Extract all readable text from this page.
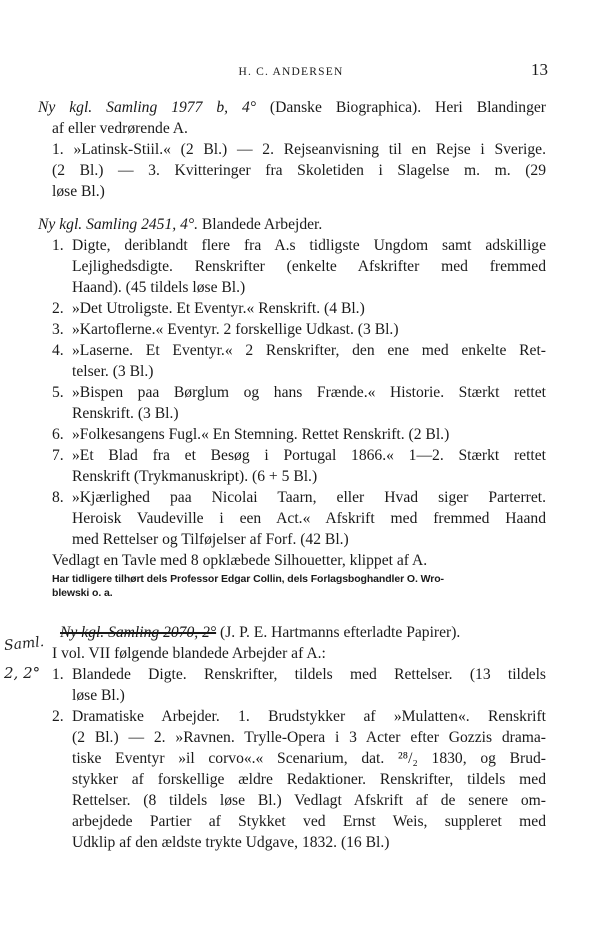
H. C. ANDERSEN	13
Ny kgl. Samling 1977 b, 4° (Danske Biographica). Heri Blandinger
af eller vedrørende A.
1. »Latinsk-Stiil.« (2 Bl.) — 2. Rejseanvisning til en Rejse i Sverige.
(2 Bl.) — 3. Kvitteringer fra Skoletiden i Slagelse m. m. (29
løse Bl.)
Ny kgl. Samling 2451, 4°. Blandede Arbejder.
1. Digte, deriblandt flere fra A.s tidligste Ungdom samt adskillige
Lejlighedsdigte. Renskrifter (enkelte Afskrifter med fremmed
Haand). (45 tildels løse Bl.)
2. »Det Utroligste. Et Eventyr.« Renskrift. (4 Bl.)
3. »Kartoflerne.« Eventyr. 2 forskellige Udkast. (3 Bl.)
4. »Laserne. Et Eventyr.« 2 Renskrifter, den ene med enkelte Ret-
telser. (3 Bl.)
5. »Bispen paa Børglum og hans Frænde.« Historie. Stærkt rettet
Renskrift. (3 Bl.)
6. »Folkesangens Fugl.« En Stemning. Rettet Renskrift. (2 Bl.)
7. »Et Blad fra et Besøg i Portugal 1866.« 1—2. Stærkt rettet
Renskrift (Trykmanuskript). (6 + 5 Bl.)
8. »Kjærlighed paa Nicolai Taarn, eller Hvad siger Parterret.
Heroisk Vaudeville i een Act.« Afskrift med fremmed Haand
med Rettelser og Tilføjelser af Forf. (42 Bl.)
Vedlagt en Tavle med 8 opklæbede Silhouetter, klippet af A.
Har tidligere tilhørt dels Professor Edgar Collin, dels Forlagsboghandler O. Wro-
blewski o. a.
Ny kgl. Samling 2070, 2° (J. P. E. Hartmanns efterladte Papirer).
I vol. VII følgende blandede Arbejder af A.:
1. Blandede Digte. Renskrifter, tildels med Rettelser. (13 tildels
løse Bl.)
2. Dramatiske Arbejder. 1. Brudstykker af »Mulatten«. Renskrift
(2 Bl.) — 2. »Ravnen. Trylle-Opera i 3 Acter efter Gozzis drama-
tiske Eventyr »il corvo«.« Scenarium, dat. ²⁸/₂ 1830, og Brud-
stykker af forskellige ældre Redaktioner. Renskrifter, tildels med
Rettelser. (8 tildels løse Bl.) Vedlagt Afskrift af de senere om-
arbejdede Partier af Stykket ved Ernst Weis, suppleret med
Udklip af den ældste trykte Udgave, 1832. (16 Bl.)
Saml.
2, 2°
